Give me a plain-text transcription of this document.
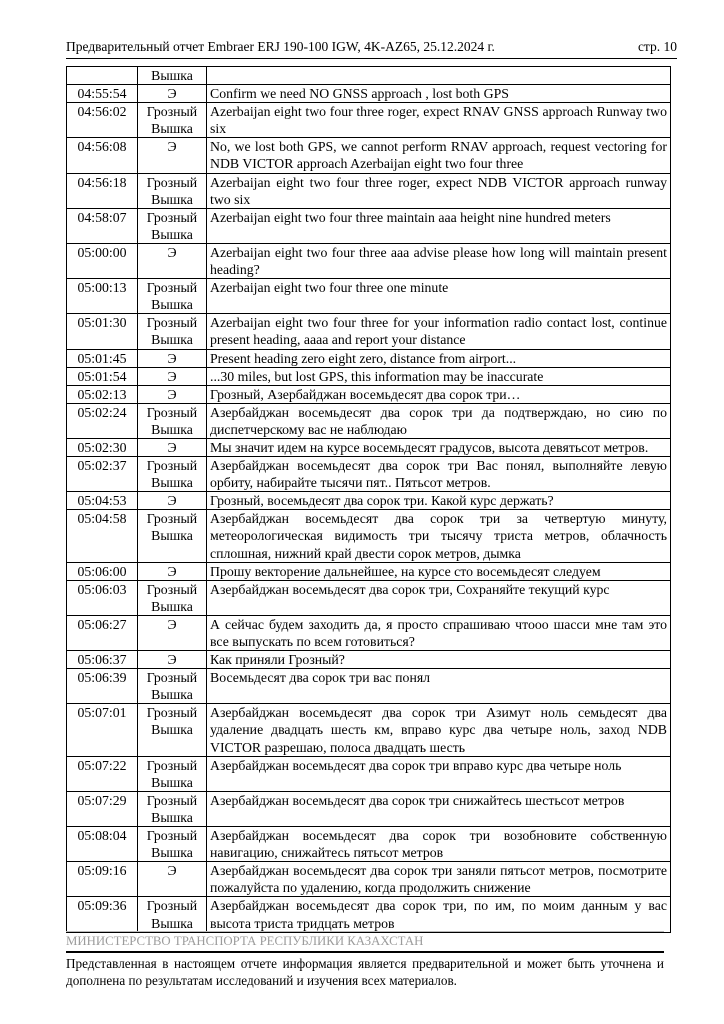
Предварительный отчет Embraer ERJ 190-100 IGW, 4K-AZ65, 25.12.2024 г.	стр. 10
	Вышка	
04:55:54	Э	Confirm we need NO GNSS approach , lost both GPS
04:56:02	Грозный Вышка	Azerbaijan eight two four three roger, expect RNAV GNSS approach Runway two six
04:56:08	Э	No, we lost both GPS, we cannot perform RNAV approach, request vectoring for NDB VICTOR approach Azerbaijan eight two four three
04:56:18	Грозный Вышка	Azerbaijan eight two four three roger, expect NDB VICTOR approach runway two six
04:58:07	Грозный Вышка	Azerbaijan eight two four three maintain aaa height nine hundred meters
05:00:00	Э	Azerbaijan eight two four three aaa advise please how long will maintain present heading?
05:00:13	Грозный Вышка	Azerbaijan eight two four three one minute
05:01:30	Грозный Вышка	Azerbaijan eight two four three for your information radio contact lost, continue present heading, aaaa and report your distance
05:01:45	Э	Present heading zero eight zero, distance from airport...
05:01:54	Э	...30 miles, but lost GPS, this information may be inaccurate
05:02:13	Э	Грозный, Азербайджан восемьдесят два сорок три…
05:02:24	Грозный Вышка	Азербайджан восемьдесят два сорок три да подтверждаю, но сию по диспетчерскому вас не наблюдаю
05:02:30	Э	Мы значит идем на курсе восемьдесят градусов, высота девятьсот метров.
05:02:37	Грозный Вышка	Азербайджан восемьдесят два сорок три Вас понял, выполняйте левую орбиту, набирайте тысячи пят.. Пятьсот метров.
05:04:53	Э	Грозный, восемьдесят два сорок три. Какой курс держать?
05:04:58	Грозный Вышка	Азербайджан восемьдесят два сорок три за четвертую минуту, метеорологическая видимость три тысячу триста метров, облачность сплошная, нижний край двести сорок метров, дымка
05:06:00	Э	Прошу векторение дальнейшее, на курсе сто восемьдесят следуем
05:06:03	Грозный Вышка	Азербайджан восемьдесят два сорок три, Сохраняйте текущий курс
05:06:27	Э	А сейчас будем заходить да, я просто спрашиваю чтооо шасси мне там это все выпускать по всем готовиться?
05:06:37	Э	Как приняли Грозный?
05:06:39	Грозный Вышка	Восемьдесят два сорок три вас понял
05:07:01	Грозный Вышка	Азербайджан восемьдесят два сорок три Азимут ноль семьдесят два удаление двадцать шесть км, вправо курс два четыре ноль, заход NDB VICTOR разрешаю, полоса двадцать шесть
05:07:22	Грозный Вышка	Азербайджан восемьдесят два сорок три вправо курс два четыре ноль
05:07:29	Грозный Вышка	Азербайджан восемьдесят два сорок три снижайтесь шестьсот метров
05:08:04	Грозный Вышка	Азербайджан восемьдесят два сорок три возобновите собственную навигацию, снижайтесь пятьсот метров
05:09:16	Э	Азербайджан восемьдесят два сорок три заняли пятьсот метров, посмотрите пожалуйста по удалению, когда продолжить снижение
05:09:36	Грозный Вышка	Азербайджан восемьдесят два сорок три, по им, по моим данным у вас высота триста тридцать метров
МИНИСТЕРСТВО ТРАНСПОРТА РЕСПУБЛИКИ КАЗАХСТАН
Представленная в настоящем отчете информация является предварительной и может быть уточнена и дополнена по результатам исследований и изучения всех материалов.
